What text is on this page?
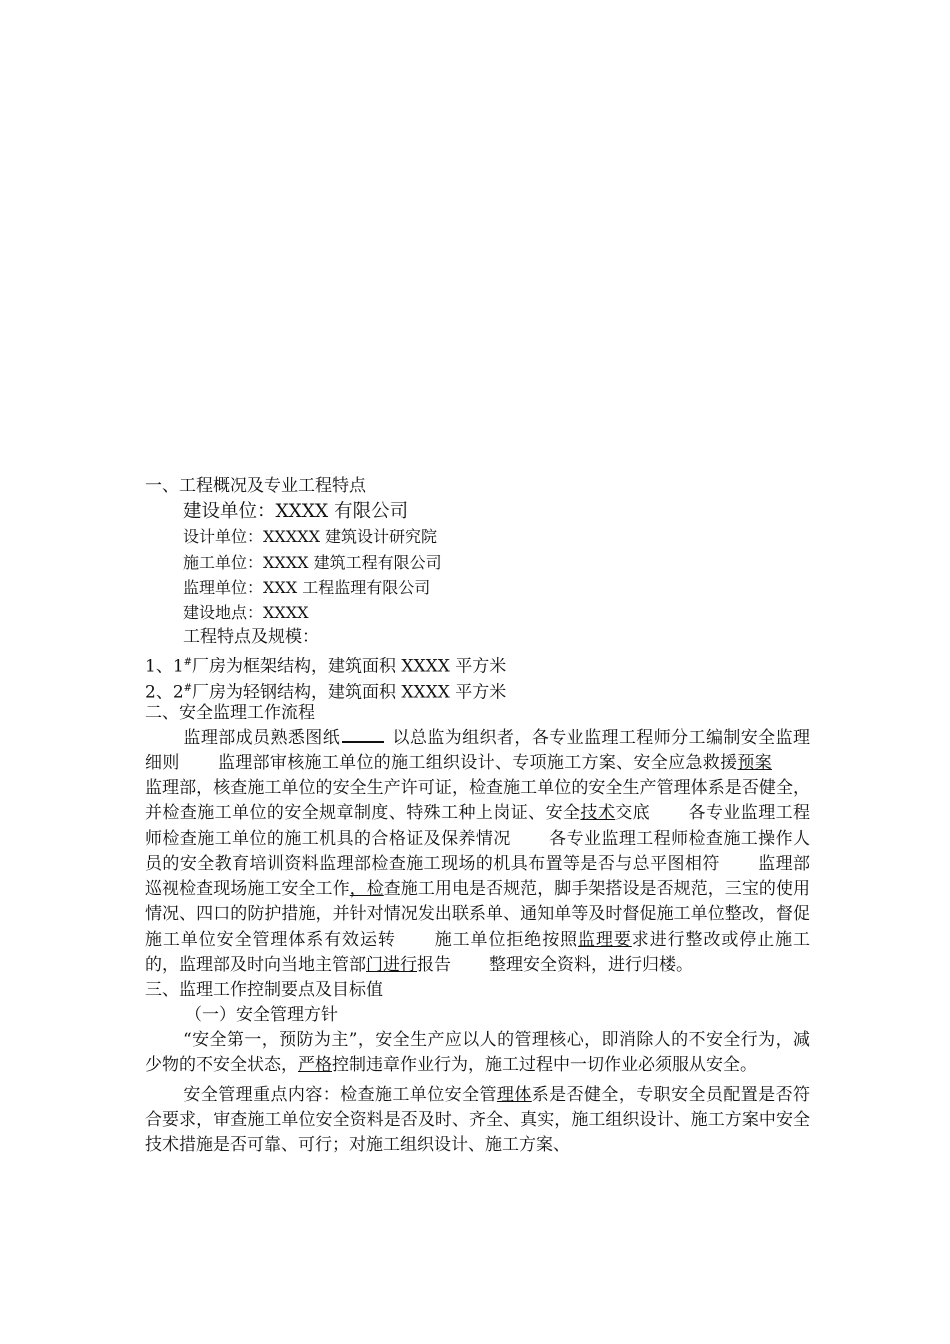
一、工程概况及专业工程特点
建设单位：XXXX 有限公司
设计单位：XXXXX 建筑设计研究院
施工单位：XXXX 建筑工程有限公司
监理单位：XXX 工程监理有限公司
建设地点：XXXX
工程特点及规模：
1、1#厂房为框架结构，建筑面积 XXXX 平方米
2、2#厂房为轻钢结构，建筑面积 XXXX 平方米
二、安全监理工作流程
监理部成员熟悉图纸	以总监为组织者，各专业监理工程师分工编制安全监理细则 监理部审核施工单位的施工组织设计、专项施工方案、安全应急救援预案监理部，核查施工单位的安全生产许可证，检查施工单位的安全生产管理体系是否健全，并检查施工单位的安全规章制度、特殊工种上岗证、安全技术交底 各专业监理工程师检查施工单位的施工机具的合格证及保养情况 各专业监理工程师检查施工操作人员的安全教育培训资料监理部检查施工现场的机具布置等是否与总平图相符 监理部巡视检查现场施工安全工作，检查施工用电是否规范，脚手架搭设是否规范，三宝的使用情况、四口的防护措施，并针对情况发出联系单、通知单等及时督促施工单位整改，督促施工单位安全管理体系有效运转 施工单位拒绝按照监理要求进行整改或停止施工的，监理部及时向当地主管部门进行报告 整理安全资料，进行归楼。
三、监理工作控制要点及目标值
（一）安全管理方针
“安全第一，预防为主”，安全生产应以人的管理核心，即消除人的不安全行为，减少物的不安全状态，严格控制违章作业行为，施工过程中一切作业必须服从安全。
安全管理重点内容：检查施工单位安全管理体系是否健全，专职安全员配置是否符合要求，审查施工单位安全资料是否及时、齐全、真实，施工组织设计、施工方案中安全技术措施是否可靠、可行；对施工组织设计、施工方案、
